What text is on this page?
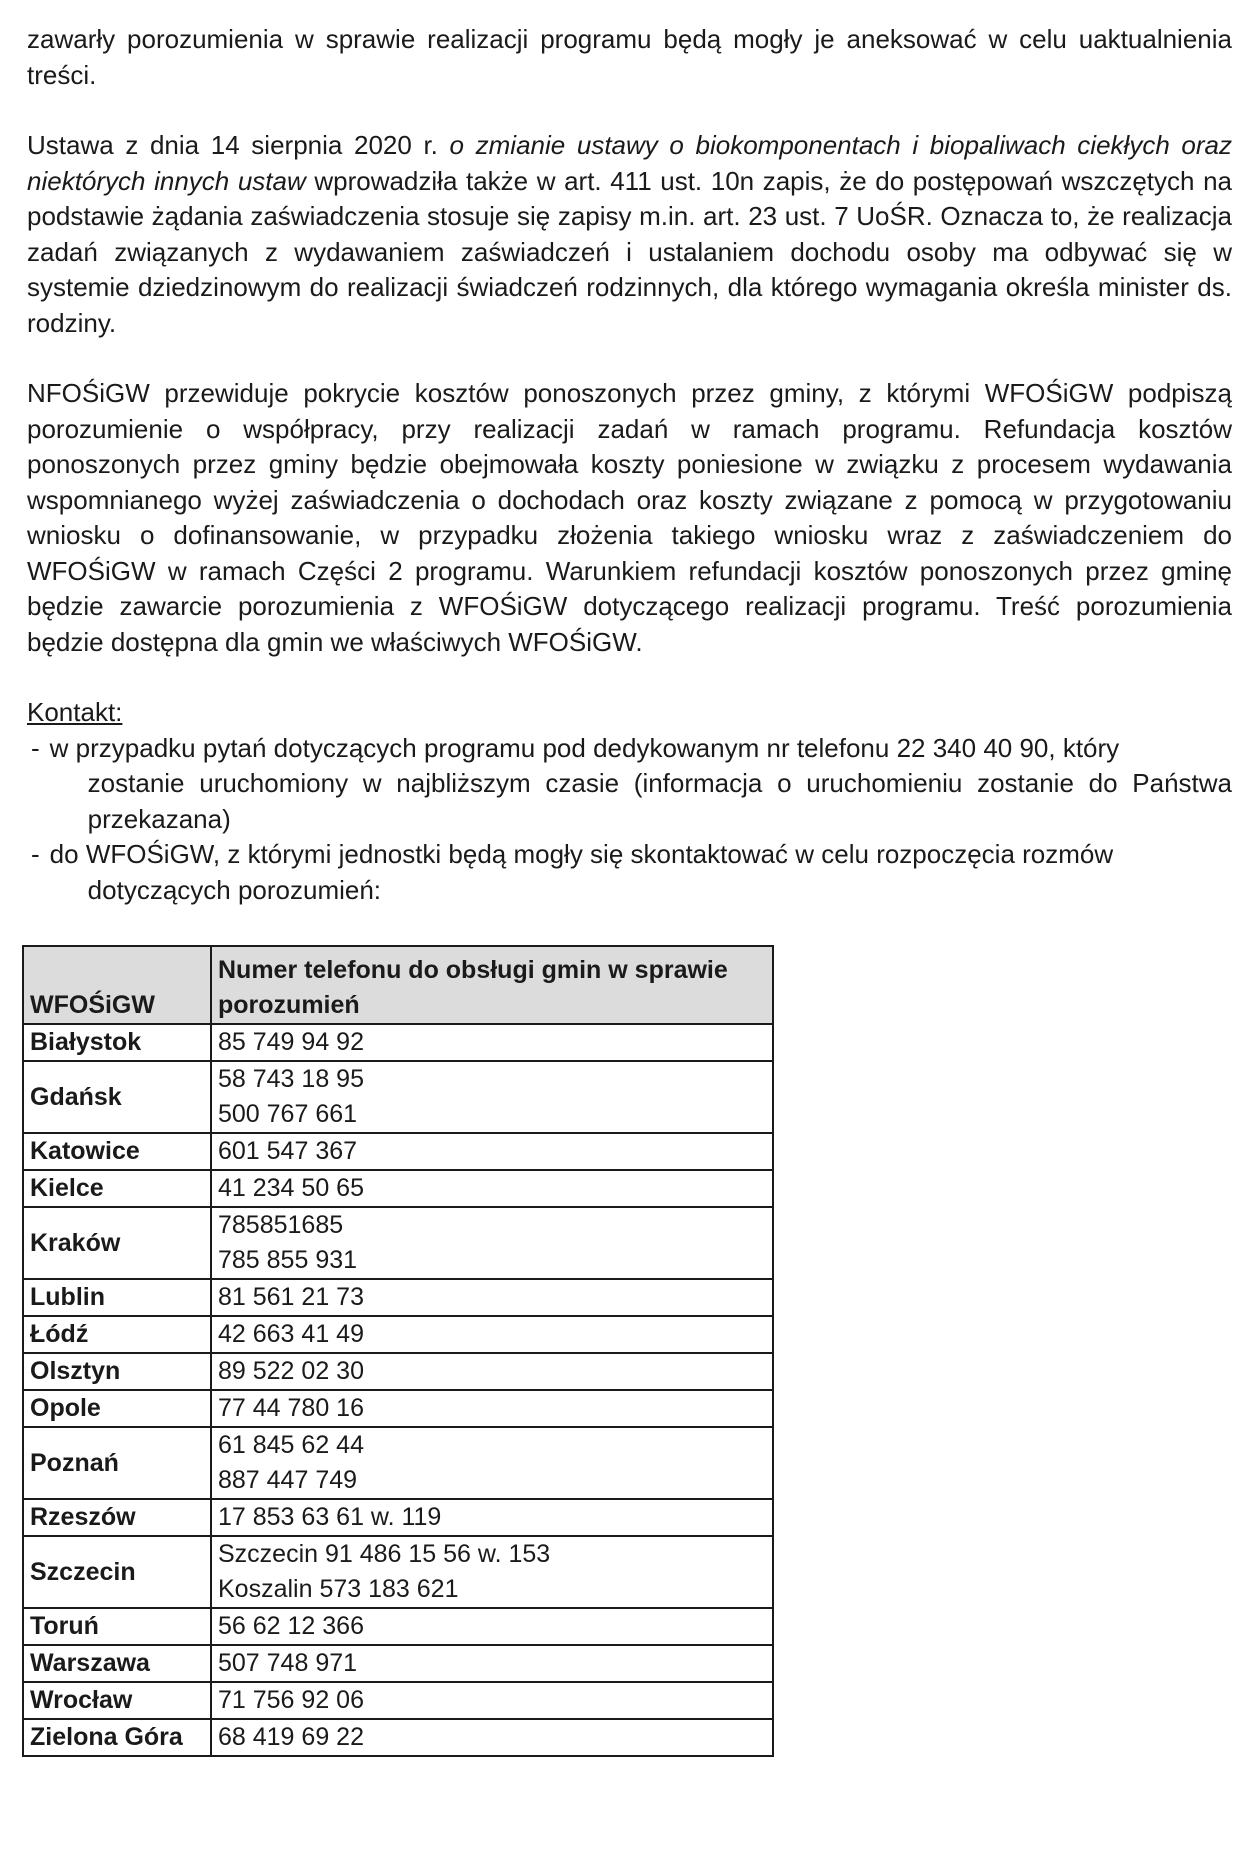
zawarły porozumienia w sprawie realizacji programu będą mogły je aneksować w celu uaktualnienia treści.

Ustawa z dnia 14 sierpnia 2020 r. o zmianie ustawy o biokomponentach i biopaliwach ciekłych oraz niektórych innych ustaw wprowadziła także w art. 411 ust. 10n zapis, że do postępowań wszczętych na podstawie żądania zaświadczenia stosuje się zapisy m.in. art. 23 ust. 7 UoŚR. Oznacza to, że realizacja zadań związanych z wydawaniem zaświadczeń i ustalaniem dochodu osoby ma odbywać się w systemie dziedzinowym do realizacji świadczeń rodzinnych, dla którego wymagania określa minister ds. rodziny.

NFOŚiGW przewiduje pokrycie kosztów ponoszonych przez gminy, z którymi WFOŚiGW podpiszą porozumienie o współpracy, przy realizacji zadań w ramach programu. Refundacja kosztów ponoszonych przez gminy będzie obejmowała koszty poniesione w związku z procesem wydawania wspomnianego wyżej zaświadczenia o dochodach oraz koszty związane z pomocą w przygotowaniu wniosku o dofinansowanie, w przypadku złożenia takiego wniosku wraz z zaświadczeniem do WFOŚiGW w ramach Części 2 programu. Warunkiem refundacji kosztów ponoszonych przez gminę będzie zawarcie porozumienia z WFOŚiGW dotyczącego realizacji programu. Treść porozumienia będzie dostępna dla gmin we właściwych WFOŚiGW.

Kontakt:
- w przypadku pytań dotyczących programu pod dedykowanym nr telefonu 22 340 40 90, który
zostanie uruchomiony w najbliższym czasie (informacja o uruchomieniu zostanie do Państwa przekazana)
- do WFOŚiGW, z którymi jednostki będą mogły się skontaktować w celu rozpoczęcia rozmów
dotyczących porozumień:
WFOŚiGW	Numer telefonu do obsługi gmin w sprawie porozumień
Białystok	85 749 94 92

Gdańsk	58 743 18 95
500 767 661

Katowice	601 547 367

Kielce	41 234 50 65

Kraków	785851685
785 855 931

Lublin	81 561 21 73

Łódź	42 663 41 49

Olsztyn	89 522 02 30

Opole	77 44 780 16

Poznań	61 845 62 44
887 447 749

Rzeszów	17 853 63 61 w. 119

Szczecin	Szczecin 91 486 15 56 w. 153
Koszalin 573 183 621

Toruń	56 62 12 366

Warszawa	507 748 971

Wrocław	71 756 92 06

Zielona Góra	68 419 69 22
